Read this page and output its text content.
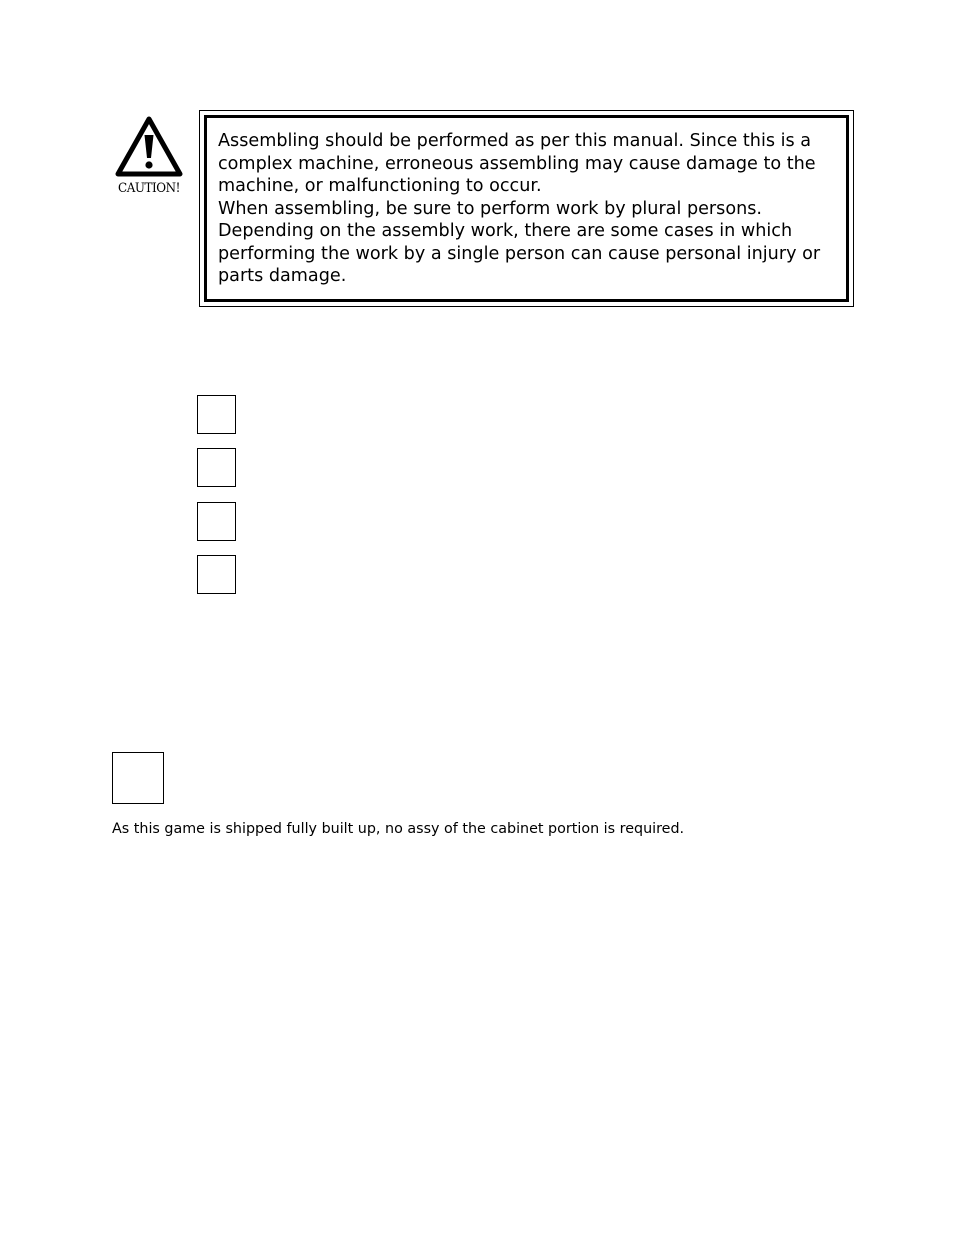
CAUTION!
Assembling should be performed as per this manual. Since this is a
complex machine, erroneous assembling may cause damage to the
machine, or malfunctioning to occur.
When assembling, be sure to perform work by plural persons.
Depending on the assembly work, there are some cases in which
performing the work by a single person can cause personal injury or
parts damage.
As this game is shipped fully built up, no assy of the cabinet portion is required.
